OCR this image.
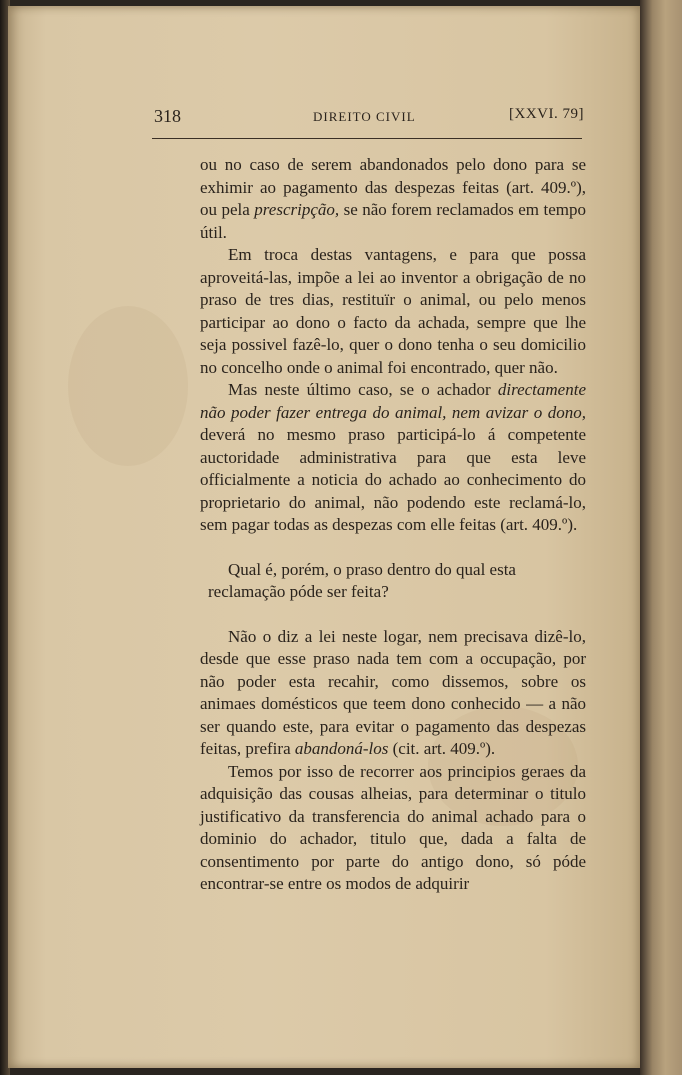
318	DIREITO CIVIL	[XXVI. 79]

ou no caso de serem abandonados pelo dono para se exhimir ao pagamento das despezas feitas (art. 409.º), ou pela prescripção, se não forem reclamados em tempo útil.

Em troca destas vantagens, e para que possa aproveitá-las, impõe a lei ao inventor a obrigação de no praso de tres dias, restituïr o animal, ou pelo menos participar ao dono o facto da achada, sempre que lhe seja possivel fazê-lo, quer o dono tenha o seu domicilio no concelho onde o animal foi encontrado, quer não.

Mas neste último caso, se o achador directamente não poder fazer entrega do animal, nem avizar o dono, deverá no mesmo praso participá-lo á competente auctoridade administrativa para que esta leve officialmente a noticia do achado ao conhecimento do proprietario do animal, não podendo este reclamá-lo, sem pagar todas as despezas com elle feitas (art. 409.º).

Qual é, porém, o praso dentro do qual esta

reclamação póde ser feita?

Não o diz a lei neste logar, nem precisava dizê-lo, desde que esse praso nada tem com a occupação, por não poder esta recahir, como dissemos, sobre os animaes domésticos que teem dono conhecido — a não ser quando este, para evitar o pagamento das despezas feitas, prefira abandoná-los (cit. art. 409.º).

Temos por isso de recorrer aos principios geraes da adquisição das cousas alheias, para determinar o titulo justificativo da transferencia do animal achado para o dominio do achador, titulo que, dada a falta de consentimento por parte do antigo dono, só póde encontrar-se entre os modos de adquirir
